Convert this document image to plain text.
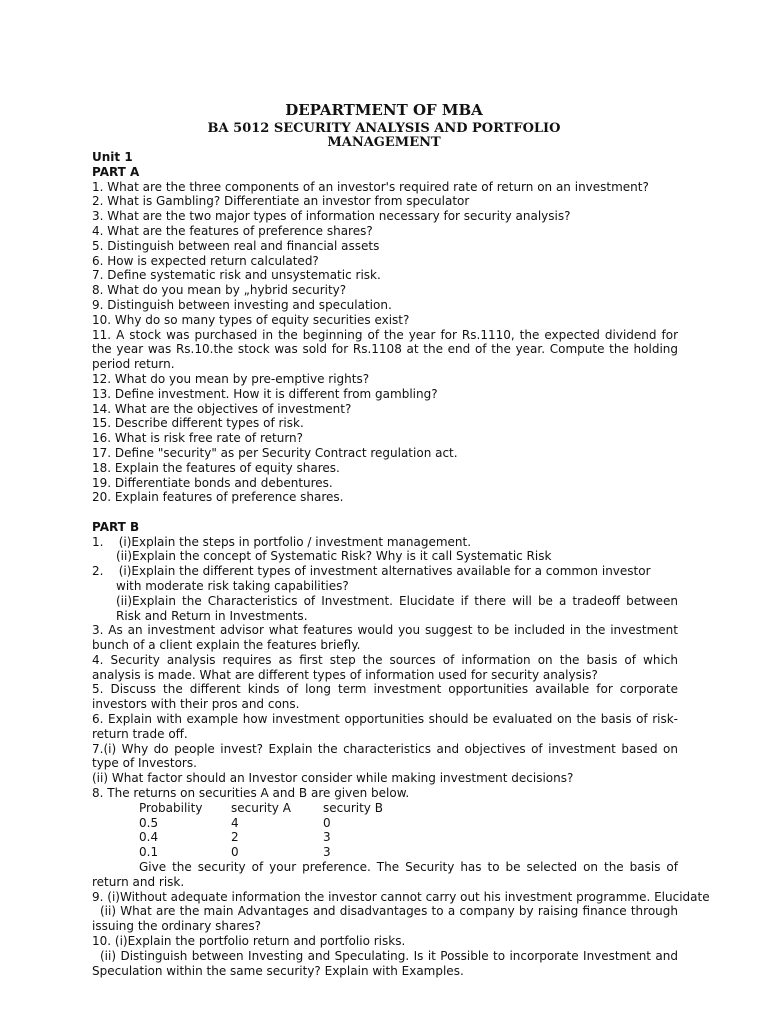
DEPARTMENT OF MBA
BA 5012 SECURITY ANALYSIS AND PORTFOLIO
MANAGEMENT
Unit 1
PART A
1. What are the three components of an investor's required rate of return on an investment?
2. What is Gambling? Differentiate an investor from speculator
3. What are the two major types of information necessary for security analysis?
4. What are the features of preference shares?
5. Distinguish between real and financial assets
6. How is expected return calculated?
7. Define systematic risk and unsystematic risk.
8. What do you mean by „hybrid security?
9. Distinguish between investing and speculation.
10. Why do so many types of equity securities exist?
11. A stock was purchased in the beginning of the year for Rs.1110, the expected dividend for the year was Rs.10.the stock was sold for Rs.1108 at the end of the year. Compute the holding period return.
12. What do you mean by pre-emptive rights?
13. Define investment. How it is different from gambling?
14. What are the objectives of investment?
15. Describe different types of risk.
16. What is risk free rate of return?
17. Define "security" as per Security Contract regulation act.
18. Explain the features of equity shares.
19. Differentiate bonds and debentures.
20. Explain features of preference shares.
PART B
1.    (i)Explain the steps in portfolio / investment management.
(ii)Explain the concept of Systematic Risk? Why is it call Systematic Risk
2.    (i)Explain the different types of investment alternatives available for a common investor
with moderate risk taking capabilities?
(ii)Explain the Characteristics of Investment. Elucidate if there will be a tradeoff between Risk and Return in Investments.
3. As an investment advisor what features would you suggest to be included in the investment bunch of a client explain the features briefly.
4. Security analysis requires as first step the sources of information on the basis of which analysis is made. What are different types of information used for security analysis?
5. Discuss the different kinds of long term investment opportunities available for corporate investors with their pros and cons.
6. Explain with example how investment opportunities should be evaluated on the basis of risk-return trade off.
7.(i) Why do people invest? Explain the characteristics and objectives of investment based on type of Investors.
(ii) What factor should an Investor consider while making investment decisions?
8. The returns on securities A and B are given below.
Probability	security A	security B
0.5	4	0
0.4	2	3
0.1	0	3
Give the security of your preference. The Security has to be selected on the basis of return and risk.
9. (i)Without adequate information the investor cannot carry out his investment programme. Elucidate
(ii) What are the main Advantages and disadvantages to a company by raising finance through issuing the ordinary shares?
10. (i)Explain the portfolio return and portfolio risks.
(ii) Distinguish between Investing and Speculating. Is it Possible to incorporate Investment and Speculation within the same security? Explain with Examples.
